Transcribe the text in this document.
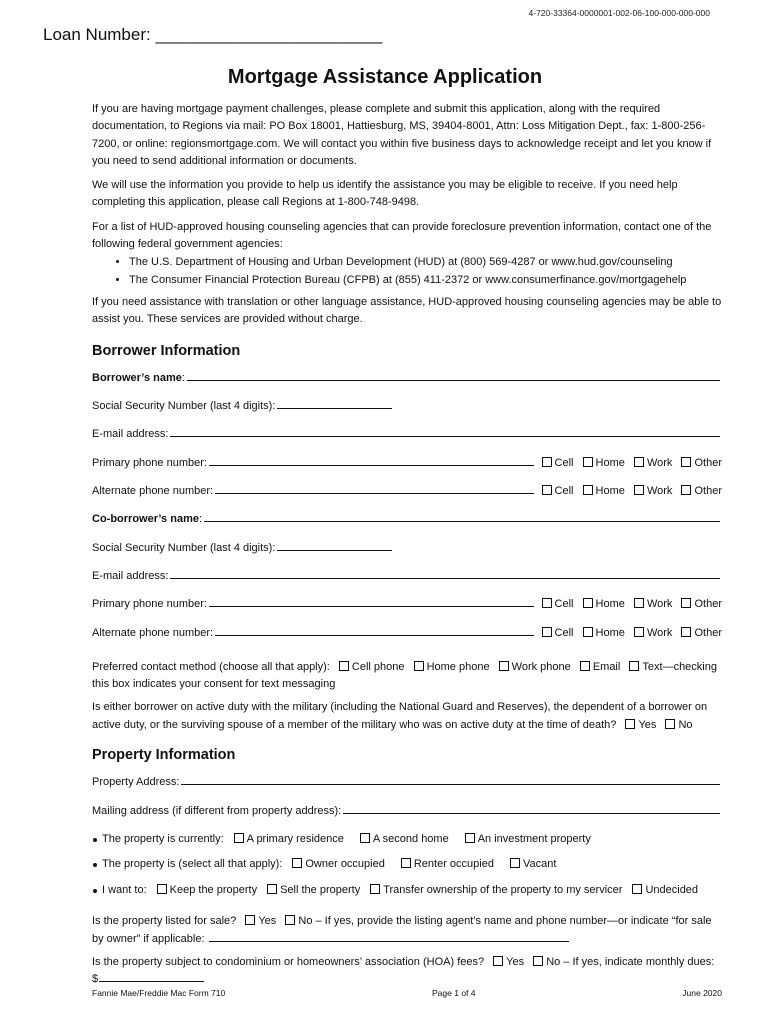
4-720-33364-0000001-002-06-100-000-000-000
Loan Number: ________________________
Mortgage Assistance Application

If you are having mortgage payment challenges, please complete and submit this application, along with the required documentation, to Regions via mail: PO Box 18001, Hattiesburg, MS, 39404-8001, Attn: Loss Mitigation Dept., fax: 1-800-256-7200, or online: regionsmortgage.com. We will contact you within five business days to acknowledge receipt and let you know if you need to send additional information or documents.

We will use the information you provide to help us identify the assistance you may be eligible to receive. If you need help completing this application, please call Regions at 1-800-748-9498.

For a list of HUD-approved housing counseling agencies that can provide foreclosure prevention information, contact one of the following federal government agencies:

• The U.S. Department of Housing and Urban Development (HUD) at (800) 569-4287 or www.hud.gov/counseling
• The Consumer Financial Protection Bureau (CFPB) at (855) 411-2372 or www.consumerfinance.gov/mortgagehelp

If you need assistance with translation or other language assistance, HUD-approved housing counseling agencies may be able to assist you. These services are provided without charge.

Borrower Information
Borrower’s name:
Social Security Number (last 4 digits):
E-mail address:
Primary phone number:	Cell Home Work Other
Alternate phone number:	Cell Home Work Other
Co-borrower’s name:
Social Security Number (last 4 digits):
E-mail address:
Primary phone number:	Cell Home Work Other
Alternate phone number:	Cell Home Work Other
Preferred contact method (choose all that apply): Cell phone Home phone Work phone Email Text—checking this box indicates your consent for text messaging
Is either borrower on active duty with the military (including the National Guard and Reserves), the dependent of a borrower on active duty, or the surviving spouse of a member of the military who was on active duty at the time of death? Yes No
Property Information
Property Address:
Mailing address (if different from property address):
The property is currently:	A primary residence	A second home	An investment property
The property is (select all that apply):	Owner occupied	Renter occupied	Vacant
I want to:	Keep the property	Sell the property	Transfer ownership of the property to my servicer	Undecided
Is the property listed for sale? Yes No – If yes, provide the listing agent’s name and phone number—or indicate “for sale by owner” if applicable:
Is the property subject to condominium or homeowners’ association (HOA) fees? Yes No – If yes, indicate monthly dues:
$
Fannie Mae/Freddie Mac Form 710	Page 1 of 4	June 2020
